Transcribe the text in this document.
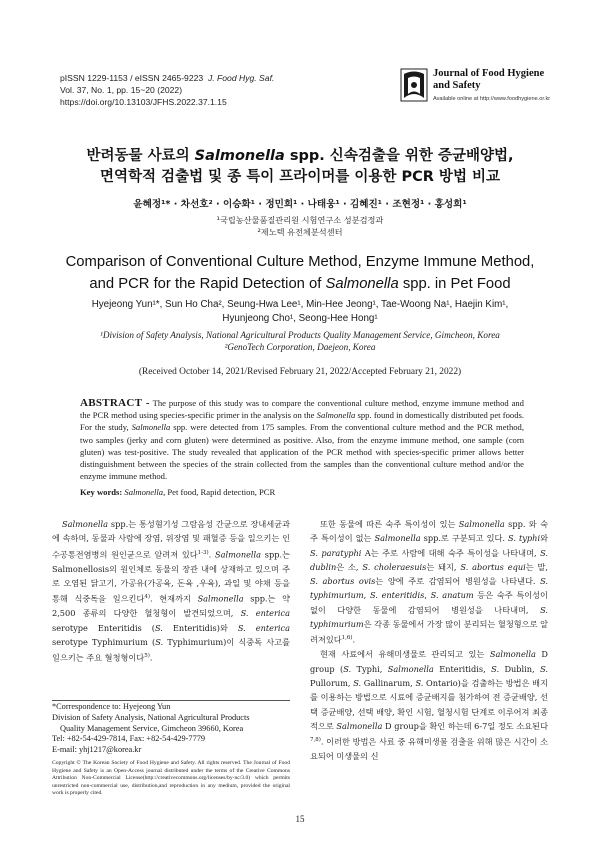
pISSN 1229-1153 / eISSN 2465-9223 J. Food Hyg. Saf.
Vol. 37, No. 1, pp. 15~20 (2022)
https://doi.org/10.13103/JFHS.2022.37.1.15
Journal of Food Hygiene
and Safety
Available online at http://www.foodhygiene.or.kr
반려동물 사료의 Salmonella spp. 신속검출을 위한 증균배양법,
면역학적 검출법 및 종 특이 프라이머를 이용한 PCR 방법 비교
윤혜정¹* · 차선호² · 이승화¹ · 정민희¹ · 나태웅¹ · 김혜진¹ · 조현정¹ · 홍성희¹
¹국립농산물품질관리원 시험연구소 성분검정과
²제노텍 유전체분석센터
Comparison of Conventional Culture Method, Enzyme Immune Method,
and PCR for the Rapid Detection of Salmonella spp. in Pet Food
Hyejeong Yun¹*, Sun Ho Cha², Seung-Hwa Lee¹, Min-Hee Jeong¹, Tae-Woong Na¹, Haejin Kim¹,
Hyunjeong Cho¹, Seong-Hee Hong¹
¹Division of Safety Analysis, National Agricultural Products Quality Management Service, Gimcheon, Korea
²GenoTech Corporation, Daejeon, Korea
(Received October 14, 2021/Revised February 21, 2022/Accepted February 21, 2022)
ABSTRACT - The purpose of this study was to compare the conventional culture method, enzyme immune method and the PCR method using species-specific primer in the analysis on the Salmonella spp. found in domestically distributed pet foods. For the study, Salmonella spp. were detected from 175 samples. From the conventional culture method and the PCR method, two samples (jerky and corn gluten) were determined as positive. Also, from the enzyme immune method, one sample (corn gluten) was test-positive. The study revealed that application of the PCR method with species-specific primer allows better distinguishment between the species of the strain collected from the samples than the conventional culture method and/or the enzyme immune method.
Key words: Salmonella, Pet food, Rapid detection, PCR
Salmonella spp.는 통성혐기성 그람음성 간균으로 장내세균과에 속하며, 동물과 사람에 장염, 위장염 및 패혈증 등을 일으키는 인수공통전염병의 원인균으로 알려져 있다$^{1-3)}$. Salmonella spp.는 Salmonellosis의 원인체로 동물의 장관 내에 상재하고 있으며 주로 오염된 닭고기, 가공유(가공육, 돈육 ,우육), 과일 및 야채 등을 통해 식중독을 일으킨다$^{4)}$. 현재까지 Salmonella spp.는 약 2,500 종류의 다양한 혈청형이 발견되었으며, S. enterica serotype Enteritidis (S. Enteritidis)와 S. enterica serotype Typhimurium (S. Typhimurium)이 식중독 사고를 일으키는 주요 혈청형이다$^{5)}$.
*Correspondence to: Hyejeong Yun
Division of Safety Analysis, National Agricultural Products
Quality Management Service, Gimcheon 39660, Korea
Tel: +82-54-429-7814, Fax: +82-54-429-7779
E-mail: yhj1217@korea.kr
Copyright © The Korean Society of Food Hygiene and Safety. All rights reserved. The Journal of Food Hygiene and Safety is an Open-Access journal distributed under the terms of the Creative Commons Attribution Non-Commercial License(http://creativecommons.org/licenses/by-nc/3.0) which permits unrestricted non-commercial use, distribution,and reproduction in any medium, provided the original work is properly cited.

또한 동물에 따른 숙주 특이성이 있는 Salmonella spp. 와 숙주 특이성이 없는 Salmonella spp.로 구분되고 있다. S. typhi와 S. paratyphi A는 주로 사람에 대해 숙주 특이성을 나타내며, S. dublin은 소, S. choleraesuis는 돼지, S. abortus equi는 말, S. abortus ovis는 양에 주로 감염되어 병원성을 나타낸다. S. typhimurium, S. enteritidis, S. anatum 등은 숙주 특이성이 없이 다양한 동물에 감염되어 병원성을 나타내며, S. typhimurium은 각종 동물에서 가장 많이 분리되는 혈청형으로 알려져있다$^{1,6)}$.

현재 사료에서 유해미생물로 관리되고 있는 Salmonella D group (S. Typhi, Salmonella Enteritidis, S. Dublin, S. Pullorum, S. Gallinarum, S. Ontario)을 검출하는 방법은 배지를 이용하는 방법으로 시료에 증균배지를 첨가하여 전 증균배양, 선택 증균배양, 선택 배양, 확인 시험, 혈청시험 단계로 이루어져 최종적으로 Salmonella D group을 확인 하는데 6-7일 정도 소요된다$^{7,8)}$. 이러한 방법은 사료 중 유해미생물 검출을 위해 많은 시간이 소요되어 미생물의 신

15
